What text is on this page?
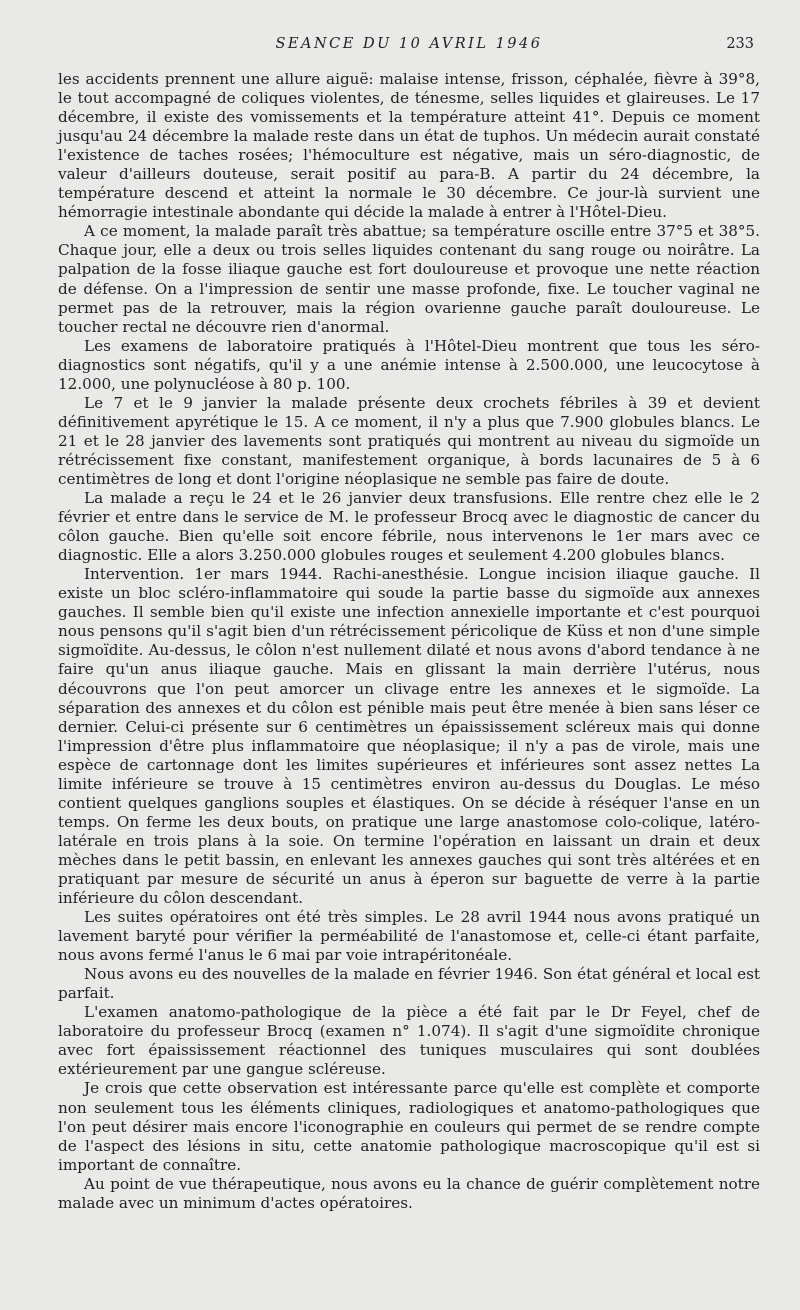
SEANCE DU 10 AVRIL 1946	233

les accidents prennent une allure aiguë: malaise intense, frisson, céphalée, fièvre à 39°8, le tout accompagné de coliques violentes, de ténesme, selles liquides et glaireuses. Le 17 décembre, il existe des vomissements et la température atteint 41°. Depuis ce moment jusqu'au 24 décembre la malade reste dans un état de tuphos. Un médecin aurait constaté l'existence de taches rosées; l'hémoculture est négative, mais un séro-diagnostic, de valeur d'ailleurs douteuse, serait positif au para-B. A partir du 24 décembre, la température descend et atteint la normale le 30 décembre. Ce jour-là survient une hémorragie intestinale abondante qui décide la malade à entrer à l'Hôtel-Dieu.

A ce moment, la malade paraît très abattue; sa température oscille entre 37°5 et 38°5. Chaque jour, elle a deux ou trois selles liquides contenant du sang rouge ou noirâtre. La palpation de la fosse iliaque gauche est fort douloureuse et provoque une nette réaction de défense. On a l'impression de sentir une masse profonde, fixe. Le toucher vaginal ne permet pas de la retrouver, mais la région ovarienne gauche paraît douloureuse. Le toucher rectal ne découvre rien d'anormal.

Les examens de laboratoire pratiqués à l'Hôtel-Dieu montrent que tous les séro-diagnostics sont négatifs, qu'il y a une anémie intense à 2.500.000, une leucocytose à 12.000, une polynucléose à 80 p. 100.

Le 7 et le 9 janvier la malade présente deux crochets fébriles à 39 et devient définitivement apyrétique le 15. A ce moment, il n'y a plus que 7.900 globules blancs. Le 21 et le 28 janvier des lavements sont pratiqués qui montrent au niveau du sigmoïde un rétrécissement fixe constant, manifestement organique, à bords lacunaires de 5 à 6 centimètres de long et dont l'origine néoplasique ne semble pas faire de doute.

La malade a reçu le 24 et le 26 janvier deux transfusions. Elle rentre chez elle le 2 février et entre dans le service de M. le professeur Brocq avec le diagnostic de cancer du côlon gauche. Bien qu'elle soit encore fébrile, nous intervenons le 1er mars avec ce diagnostic. Elle a alors 3.250.000 globules rouges et seulement 4.200 globules blancs.

Intervention. 1er mars 1944. Rachi-anesthésie. Longue incision iliaque gauche. Il existe un bloc scléro-inflammatoire qui soude la partie basse du sigmoïde aux annexes gauches. Il semble bien qu'il existe une infection annexielle importante et c'est pourquoi nous pensons qu'il s'agit bien d'un rétrécissement péricolique de Küss et non d'une simple sigmoïdite. Au-dessus, le côlon n'est nullement dilaté et nous avons d'abord tendance à ne faire qu'un anus iliaque gauche. Mais en glissant la main derrière l'utérus, nous découvrons que l'on peut amorcer un clivage entre les annexes et le sigmoïde. La séparation des annexes et du côlon est pénible mais peut être menée à bien sans léser ce dernier. Celui-ci présente sur 6 centimètres un épaississement scléreux mais qui donne l'impression d'être plus inflammatoire que néoplasique; il n'y a pas de virole, mais une espèce de cartonnage dont les limites supérieures et inférieures sont assez nettes La limite inférieure se trouve à 15 centimètres environ au-dessus du Douglas. Le méso contient quelques ganglions souples et élastiques. On se décide à réséquer l'anse en un temps. On ferme les deux bouts, on pratique une large anastomose colo-colique, latéro-latérale en trois plans à la soie. On termine l'opération en laissant un drain et deux mèches dans le petit bassin, en enlevant les annexes gauches qui sont très altérées et en pratiquant par mesure de sécurité un anus à éperon sur baguette de verre à la partie inférieure du côlon descendant.

Les suites opératoires ont été très simples. Le 28 avril 1944 nous avons pratiqué un lavement baryté pour vérifier la perméabilité de l'anastomose et, celle-ci étant parfaite, nous avons fermé l'anus le 6 mai par voie intrapéritonéale.

Nous avons eu des nouvelles de la malade en février 1946. Son état général et local est parfait.

L'examen anatomo-pathologique de la pièce a été fait par le Dr Feyel, chef de laboratoire du professeur Brocq (examen n° 1.074). Il s'agit d'une sigmoïdite chronique avec fort épaississement réactionnel des tuniques musculaires qui sont doublées extérieurement par une gangue scléreuse.

Je crois que cette observation est intéressante parce qu'elle est complète et comporte non seulement tous les éléments cliniques, radiologiques et anatomo-pathologiques que l'on peut désirer mais encore l'iconographie en couleurs qui permet de se rendre compte de l'aspect des lésions in situ, cette anatomie pathologique macroscopique qu'il est si important de connaître.

Au point de vue thérapeutique, nous avons eu la chance de guérir complètement notre malade avec un minimum d'actes opératoires.
